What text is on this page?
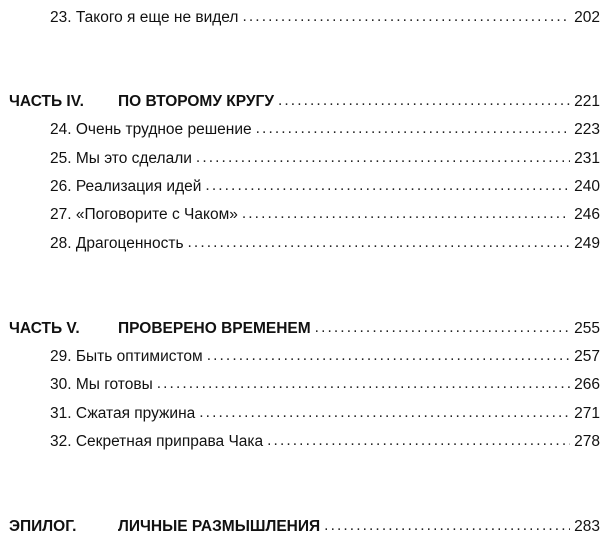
23. Такого я еще не видел .....	202
ЧАСТЬ IV.	ПО ВТОРОМУ КРУГУ .....	221
24. Очень трудное решение .....	223
25. Мы это сделали .....	231
26. Реализация идей .....	240
27. «Поговорите с Чаком» .....	246
28. Драгоценность .....	249
ЧАСТЬ V.	ПРОВЕРЕНО ВРЕМЕНЕМ .....	255
29. Быть оптимистом .....	257
30. Мы готовы .....	266
31. Сжатая пружина .....	271
32. Секретная приправа Чака .....	278
ЭПИЛОГ.	ЛИЧНЫЕ РАЗМЫШЛЕНИЯ .....	283
